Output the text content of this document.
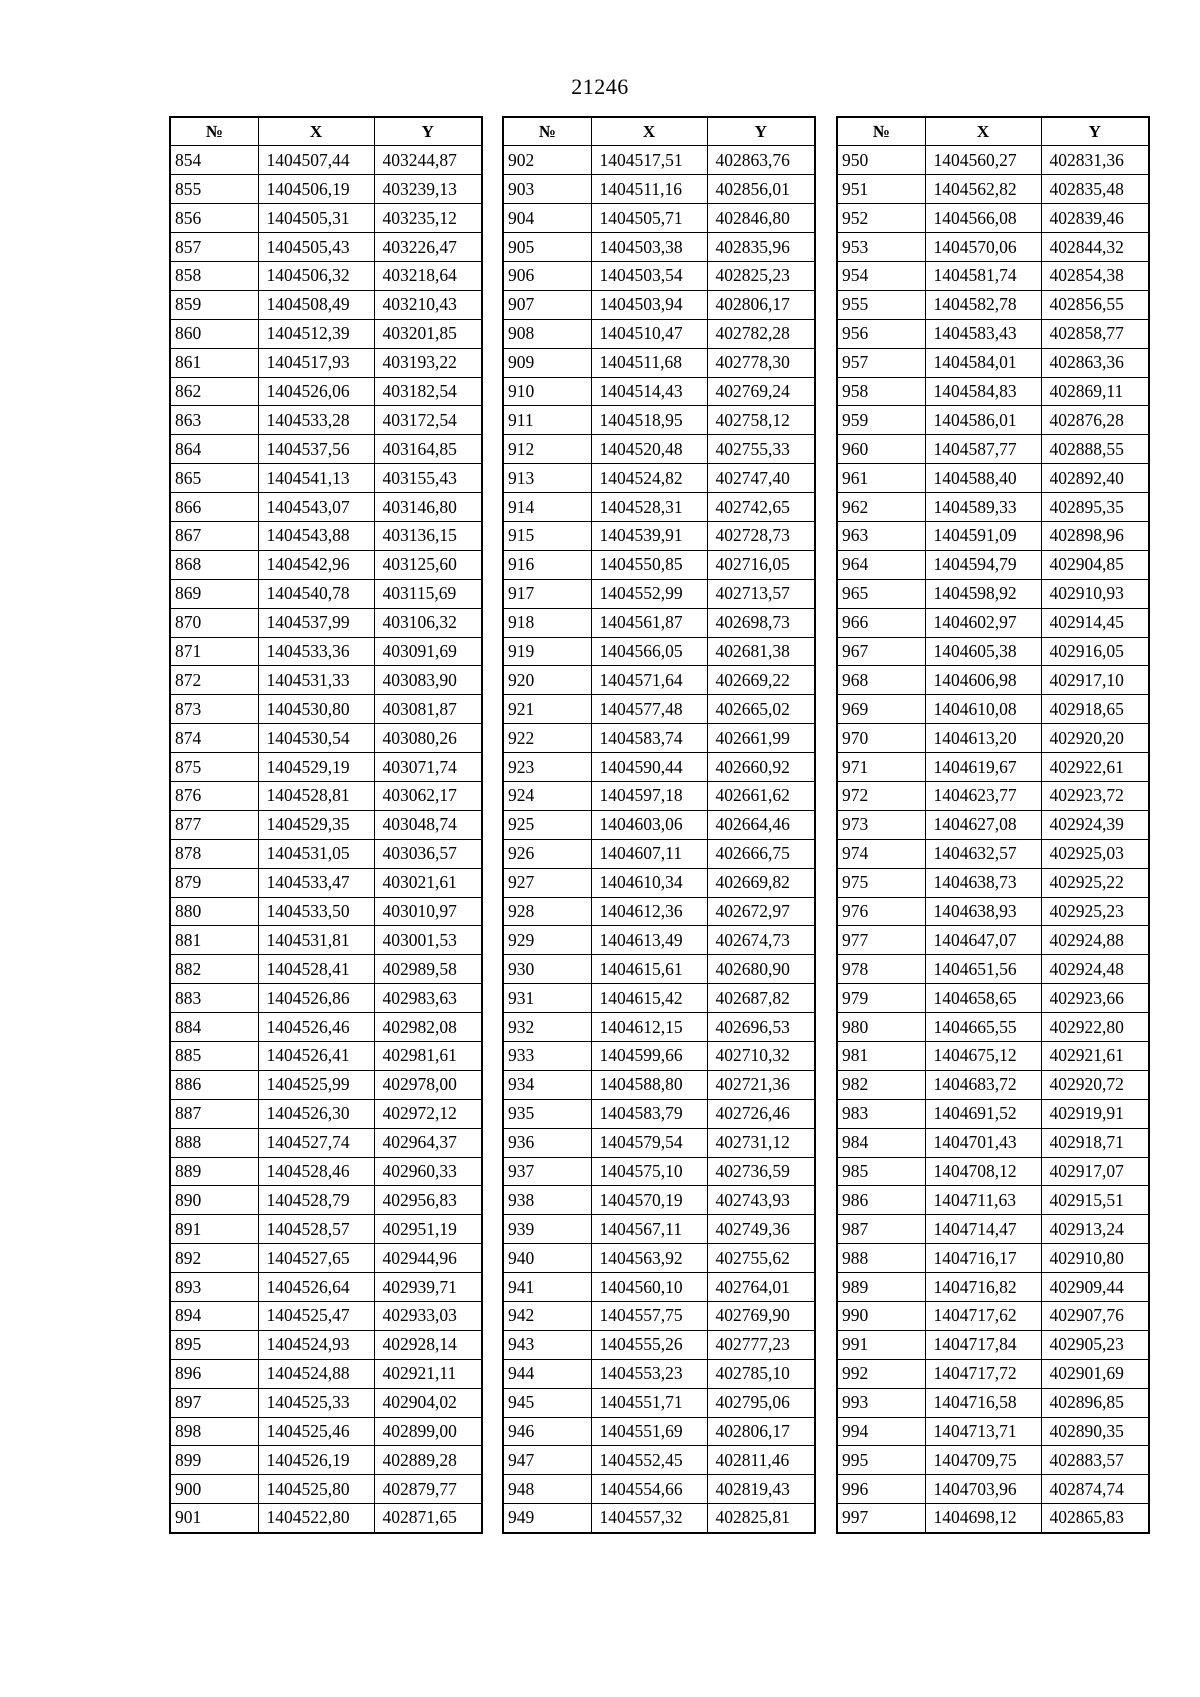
21246
№	X	Y
854	1404507,44	403244,87
855	1404506,19	403239,13
856	1404505,31	403235,12
857	1404505,43	403226,47
858	1404506,32	403218,64
859	1404508,49	403210,43
860	1404512,39	403201,85
861	1404517,93	403193,22
862	1404526,06	403182,54
863	1404533,28	403172,54
864	1404537,56	403164,85
865	1404541,13	403155,43
866	1404543,07	403146,80
867	1404543,88	403136,15
868	1404542,96	403125,60
869	1404540,78	403115,69
870	1404537,99	403106,32
871	1404533,36	403091,69
872	1404531,33	403083,90
873	1404530,80	403081,87
874	1404530,54	403080,26
875	1404529,19	403071,74
876	1404528,81	403062,17
877	1404529,35	403048,74
878	1404531,05	403036,57
879	1404533,47	403021,61
880	1404533,50	403010,97
881	1404531,81	403001,53
882	1404528,41	402989,58
883	1404526,86	402983,63
884	1404526,46	402982,08
885	1404526,41	402981,61
886	1404525,99	402978,00
887	1404526,30	402972,12
888	1404527,74	402964,37
889	1404528,46	402960,33
890	1404528,79	402956,83
891	1404528,57	402951,19
892	1404527,65	402944,96
893	1404526,64	402939,71
894	1404525,47	402933,03
895	1404524,93	402928,14
896	1404524,88	402921,11
897	1404525,33	402904,02
898	1404525,46	402899,00
899	1404526,19	402889,28
900	1404525,80	402879,77
901	1404522,80	402871,65
№	X	Y
902	1404517,51	402863,76
903	1404511,16	402856,01
904	1404505,71	402846,80
905	1404503,38	402835,96
906	1404503,54	402825,23
907	1404503,94	402806,17
908	1404510,47	402782,28
909	1404511,68	402778,30
910	1404514,43	402769,24
911	1404518,95	402758,12
912	1404520,48	402755,33
913	1404524,82	402747,40
914	1404528,31	402742,65
915	1404539,91	402728,73
916	1404550,85	402716,05
917	1404552,99	402713,57
918	1404561,87	402698,73
919	1404566,05	402681,38
920	1404571,64	402669,22
921	1404577,48	402665,02
922	1404583,74	402661,99
923	1404590,44	402660,92
924	1404597,18	402661,62
925	1404603,06	402664,46
926	1404607,11	402666,75
927	1404610,34	402669,82
928	1404612,36	402672,97
929	1404613,49	402674,73
930	1404615,61	402680,90
931	1404615,42	402687,82
932	1404612,15	402696,53
933	1404599,66	402710,32
934	1404588,80	402721,36
935	1404583,79	402726,46
936	1404579,54	402731,12
937	1404575,10	402736,59
938	1404570,19	402743,93
939	1404567,11	402749,36
940	1404563,92	402755,62
941	1404560,10	402764,01
942	1404557,75	402769,90
943	1404555,26	402777,23
944	1404553,23	402785,10
945	1404551,71	402795,06
946	1404551,69	402806,17
947	1404552,45	402811,46
948	1404554,66	402819,43
949	1404557,32	402825,81
№	X	Y
950	1404560,27	402831,36
951	1404562,82	402835,48
952	1404566,08	402839,46
953	1404570,06	402844,32
954	1404581,74	402854,38
955	1404582,78	402856,55
956	1404583,43	402858,77
957	1404584,01	402863,36
958	1404584,83	402869,11
959	1404586,01	402876,28
960	1404587,77	402888,55
961	1404588,40	402892,40
962	1404589,33	402895,35
963	1404591,09	402898,96
964	1404594,79	402904,85
965	1404598,92	402910,93
966	1404602,97	402914,45
967	1404605,38	402916,05
968	1404606,98	402917,10
969	1404610,08	402918,65
970	1404613,20	402920,20
971	1404619,67	402922,61
972	1404623,77	402923,72
973	1404627,08	402924,39
974	1404632,57	402925,03
975	1404638,73	402925,22
976	1404638,93	402925,23
977	1404647,07	402924,88
978	1404651,56	402924,48
979	1404658,65	402923,66
980	1404665,55	402922,80
981	1404675,12	402921,61
982	1404683,72	402920,72
983	1404691,52	402919,91
984	1404701,43	402918,71
985	1404708,12	402917,07
986	1404711,63	402915,51
987	1404714,47	402913,24
988	1404716,17	402910,80
989	1404716,82	402909,44
990	1404717,62	402907,76
991	1404717,84	402905,23
992	1404717,72	402901,69
993	1404716,58	402896,85
994	1404713,71	402890,35
995	1404709,75	402883,57
996	1404703,96	402874,74
997	1404698,12	402865,83
